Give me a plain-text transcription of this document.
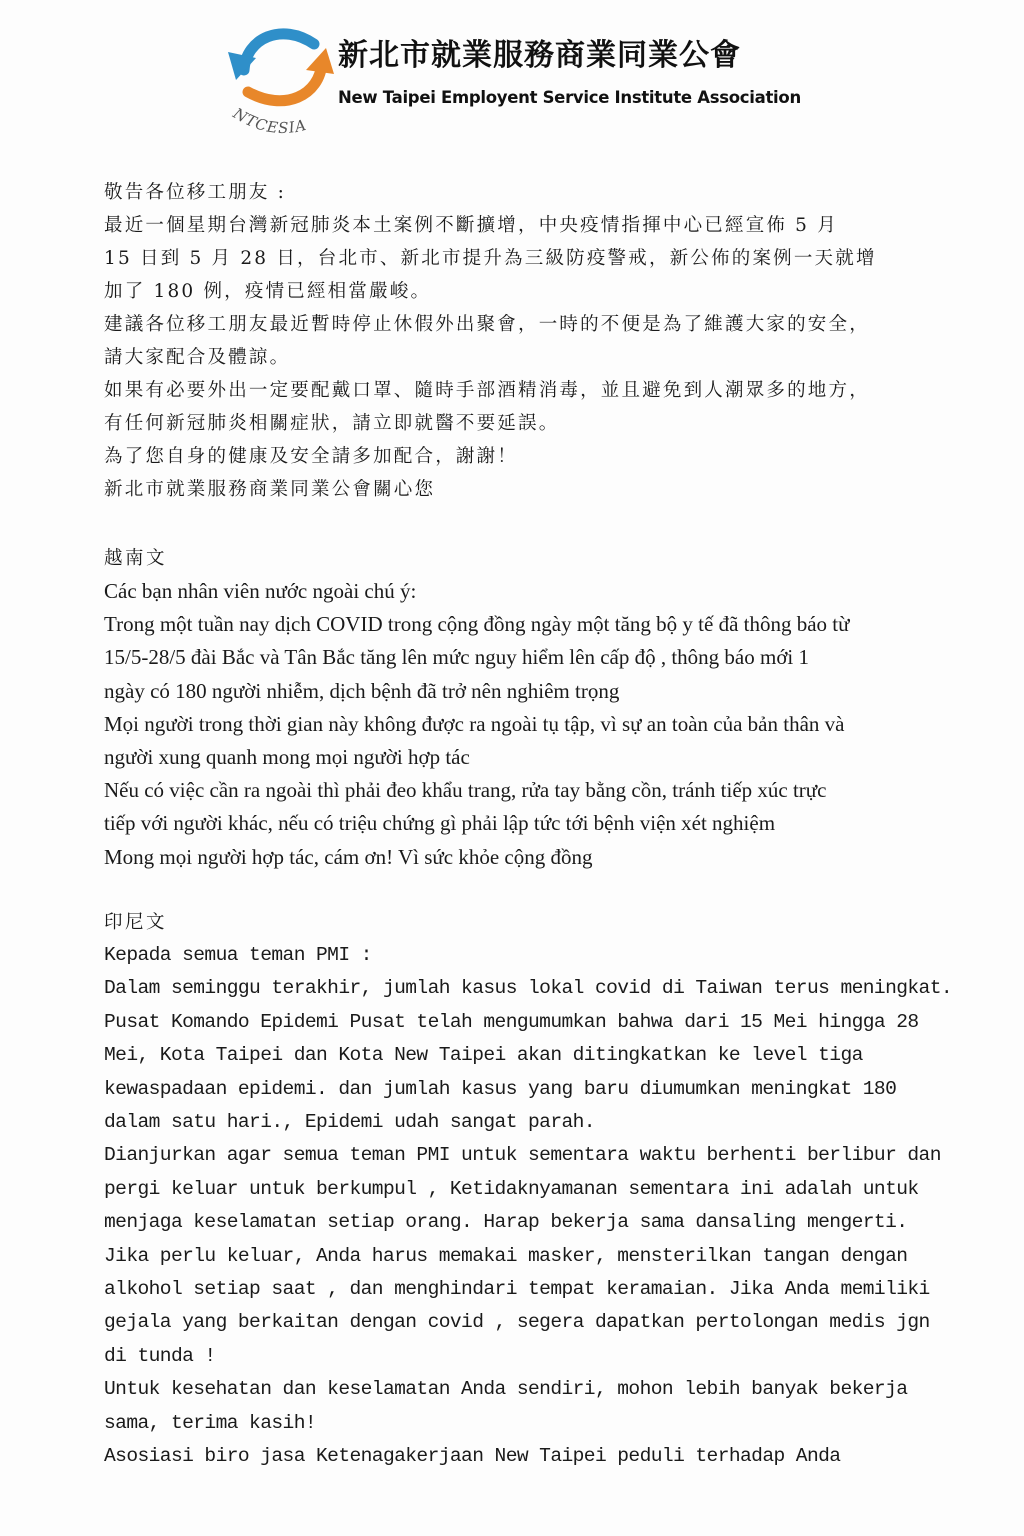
NTCESIA
新北市就業服務商業同業公會
New Taipei Employent Service Institute Association
敬告各位移工朋友 :
最近一個星期台灣新冠肺炎本土案例不斷擴增，中央疫情指揮中心已經宣佈 5 月
15 日到 5 月 28 日，台北市、新北市提升為三級防疫警戒，新公佈的案例一天就增
加了 180 例，疫情已經相當嚴峻。
建議各位移工朋友最近暫時停止休假外出聚會，一時的不便是為了維護大家的安全，
請大家配合及體諒。
如果有必要外出一定要配戴口罩、隨時手部酒精消毒，並且避免到人潮眾多的地方，
有任何新冠肺炎相關症狀，請立即就醫不要延誤。
為了您自身的健康及安全請多加配合，謝謝！
新北市就業服務商業同業公會關心您
越南文
Các bạn nhân viên nước ngoài chú ý:
Trong một tuần nay dịch COVID trong cộng đồng ngày một tăng bộ y tế đã thông báo từ
15/5-28/5 đài Bắc và Tân Bắc tăng lên mức nguy hiểm lên cấp độ , thông báo mới 1
ngày có 180 người nhiễm, dịch bệnh đã trở nên nghiêm trọng
Mọi người trong thời gian này không được ra ngoài tụ tập, vì sự an toàn của bản thân và
người xung quanh mong mọi người hợp tác
Nếu có việc cần ra ngoài thì phải đeo khẩu trang, rửa tay bằng cồn, tránh tiếp xúc trực
tiếp với người khác, nếu có triệu chứng gì phải lập tức tới bệnh viện xét nghiệm
Mong mọi người hợp tác, cám ơn! Vì sức khỏe cộng đồng
印尼文
Kepada semua teman PMI :
Dalam seminggu terakhir, jumlah kasus lokal covid di Taiwan terus meningkat.
Pusat Komando Epidemi Pusat telah mengumumkan bahwa dari 15 Mei hingga 28
Mei, Kota Taipei dan Kota New Taipei akan ditingkatkan ke level tiga
kewaspadaan epidemi. dan jumlah kasus yang baru diumumkan meningkat 180
dalam satu hari., Epidemi udah sangat parah.
Dianjurkan agar semua teman PMI untuk sementara waktu berhenti berlibur dan
pergi keluar untuk berkumpul , Ketidaknyamanan sementara ini adalah untuk
menjaga keselamatan setiap orang. Harap bekerja sama dansaling mengerti.
Jika perlu keluar, Anda harus memakai masker, mensterilkan tangan dengan
alkohol setiap saat , dan menghindari tempat keramaian. Jika Anda memiliki
gejala yang berkaitan dengan covid , segera dapatkan pertolongan medis jgn
di tunda !
Untuk kesehatan dan keselamatan Anda sendiri, mohon lebih banyak bekerja
sama, terima kasih!
Asosiasi biro jasa Ketenagakerjaan New Taipei peduli terhadap Anda
